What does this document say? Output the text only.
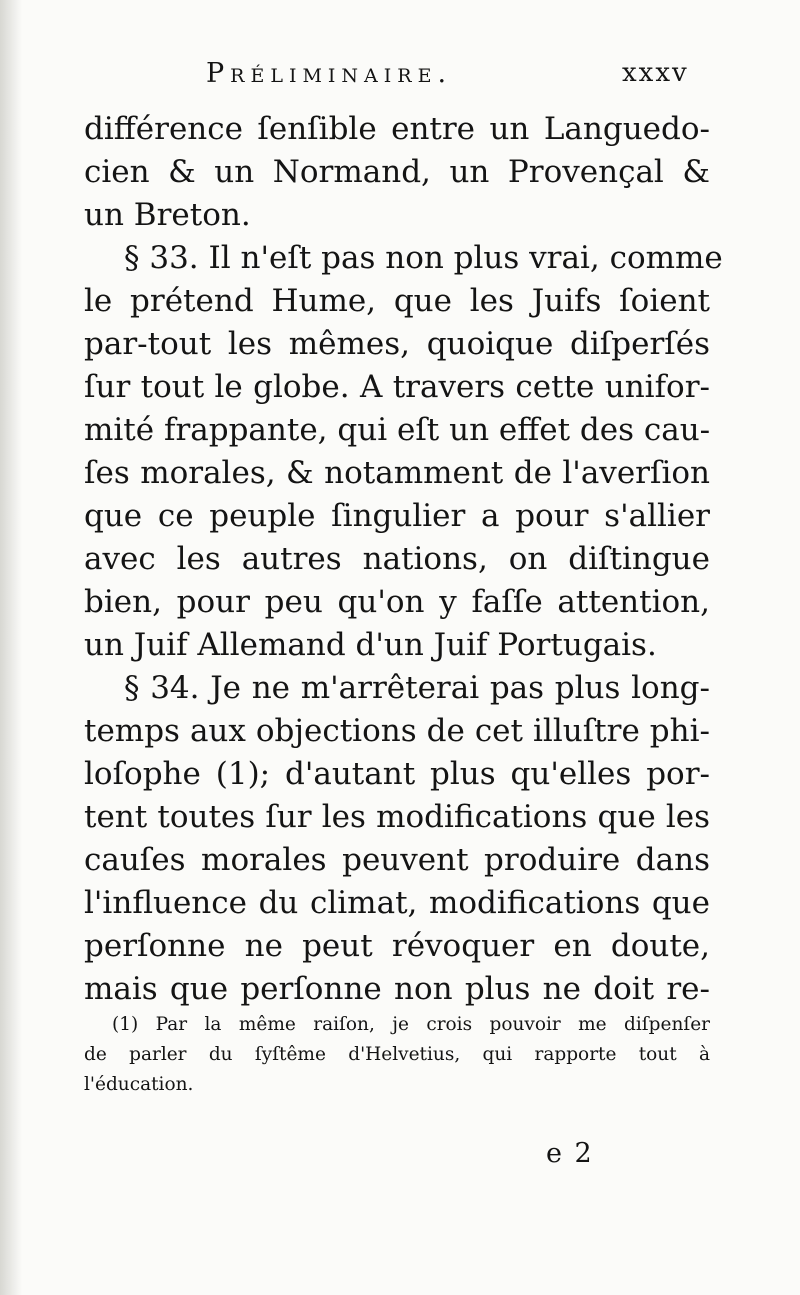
Préliminaire.	xxxv
différence ſenſible entre un Languedo-
cien & un Normand, un Provençal &
un Breton.
§ 33. Il n'eſt pas non plus vrai, comme
le prétend Hume, que les Juifs ſoient
par-tout les mêmes, quoique diſperſés
ſur tout le globe. A travers cette unifor-
mité frappante, qui eſt un effet des cau-
ſes morales, & notamment de l'averſion
que ce peuple ſingulier a pour s'allier
avec les autres nations, on diſtingue
bien, pour peu qu'on y faſſe attention,
un Juif Allemand d'un Juif Portugais.
§ 34. Je ne m'arrêterai pas plus long-
temps aux objections de cet illuſtre phi-
loſophe (1); d'autant plus qu'elles por-
tent toutes ſur les modifications que les
cauſes morales peuvent produire dans
l'influence du climat, modifications que
perſonne ne peut révoquer en doute,
mais que perſonne non plus ne doit re-
(1) Par la même raiſon, je crois pouvoir me diſpenſer
de parler du ſyſtême d'Helvetius, qui rapporte tout à
l'éducation.
e 2
